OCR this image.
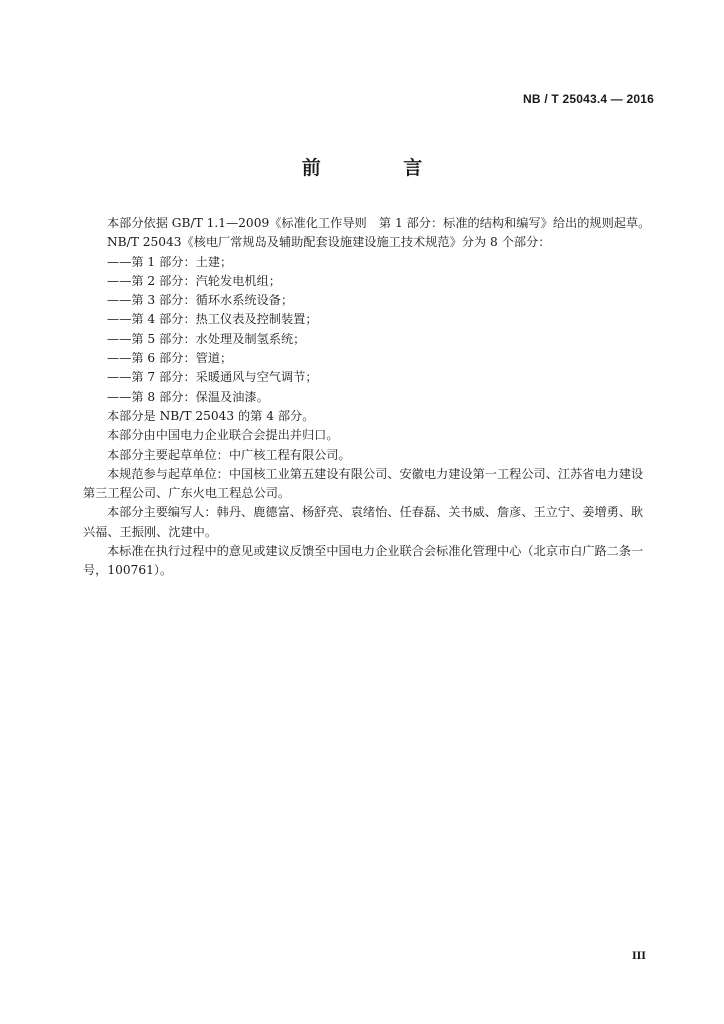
NB / T 25043.4 — 2016
前 言

本部分依据 GB/T 1.1—2009《标准化工作导则　第 1 部分：标准的结构和编写》给出的规则起草。

NB/T 25043《核电厂常规岛及辅助配套设施建设施工技术规范》分为 8 个部分：

——第 1 部分：土建；

——第 2 部分：汽轮发电机组；

——第 3 部分：循环水系统设备；

——第 4 部分：热工仪表及控制装置；

——第 5 部分：水处理及制氢系统；

——第 6 部分：管道；

——第 7 部分：采暖通风与空气调节；

——第 8 部分：保温及油漆。

本部分是 NB/T 25043 的第 4 部分。

本部分由中国电力企业联合会提出并归口。

本部分主要起草单位：中广核工程有限公司。

本规范参与起草单位：中国核工业第五建设有限公司、安徽电力建设第一工程公司、江苏省电力建设第三工程公司、广东火电工程总公司。

本部分主要编写人：韩丹、鹿德富、杨舒亮、袁绪怡、任春磊、关书威、詹彦、王立宁、姜增勇、耿兴福、王振刚、沈建中。

本标准在执行过程中的意见或建议反馈至中国电力企业联合会标准化管理中心（北京市白广路二条一号，100761）。

III
